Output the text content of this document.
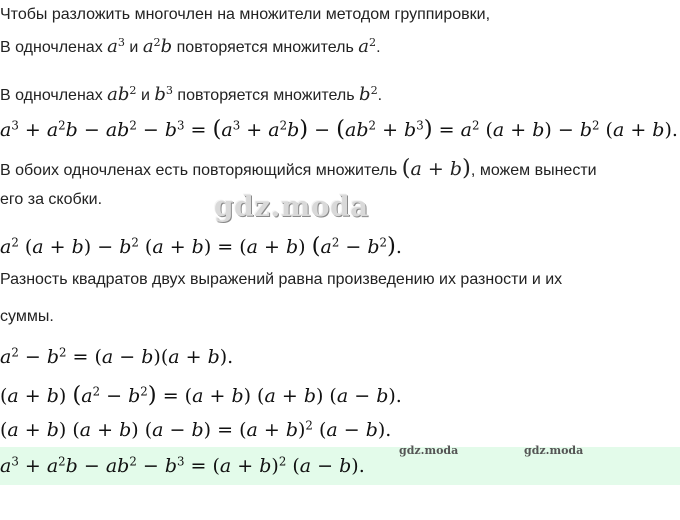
Чтобы разложить многочлен на множители методом группировки,
В одночленах $a^3$ и $a^2b$ повторяется множитель $a^2$.
В одночленах $ab^2$ и $b^3$ повторяется множитель $b^2$.
$a^3 + a^2b - ab^2 - b^3 = (a^3 + a^2b) - (ab^2 + b^3) = a^2$ $(a + b) - b^2$ (a + b).
В обоих одночленах есть повторяющийся множитель (a + b), можем вынести
его за скобки.	gdz.moda
$a^2$ $(a + b) - b^2$ (a + b) = (a + b) $(a^2 - b^2)$.
Разность квадратов двух выражений равна произведению их разности и их
суммы.
$a^2 - b^2 = (a - b)(a + b)$.
(a + b) $(a^2 - b^2) = (a + b) (a + b) (a - b)$.
(a + b) (a + b) $(a - b) = (a + b)^2$ (a − b).
gdz.moda	gdz.moda
$a^3 + a^2b - ab^2 - b^3 = (a + b)^2$ (a − b).
